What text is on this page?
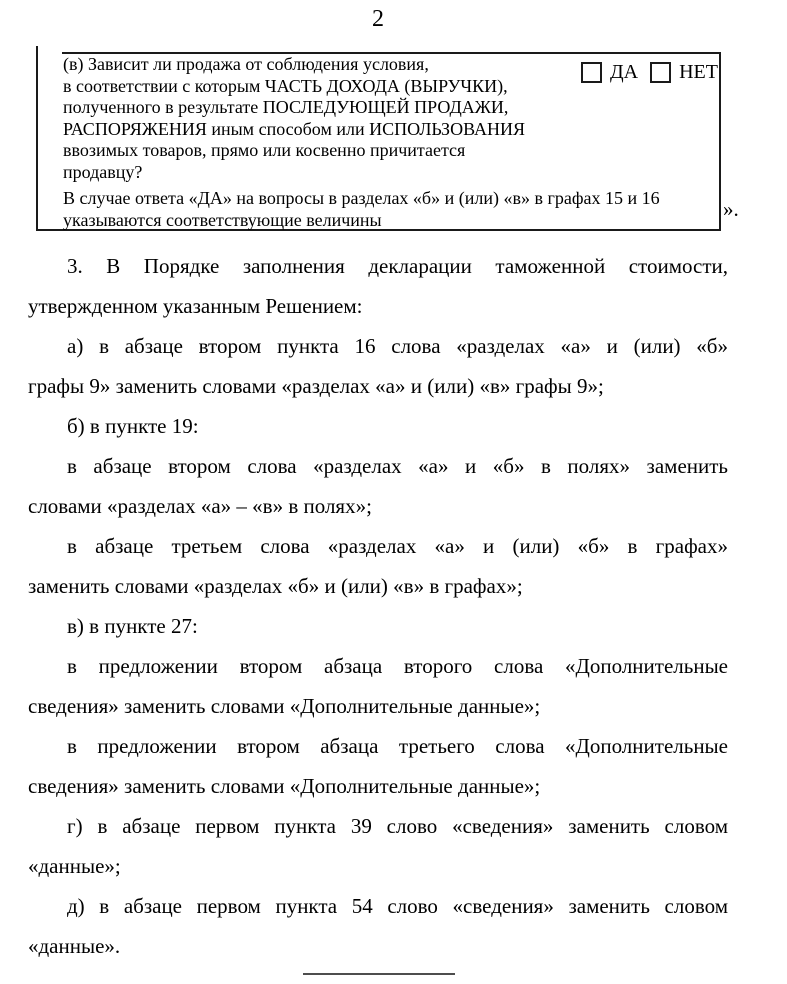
2
(в) Зависит ли продажа от соблюдения условия,
в соответствии с которым ЧАСТЬ ДОХОДА (ВЫРУЧКИ),
полученного в результате ПОСЛЕДУЮЩЕЙ ПРОДАЖИ,
РАСПОРЯЖЕНИЯ иным способом или ИСПОЛЬЗОВАНИЯ
ввозимых товаров, прямо или косвенно причитается
продавцу?
ДА НЕТ
В случае ответа «ДА» на вопросы в разделах «б» и (или) «в» в графах 15 и 16
указываются соответствующие величины	».
3. В Порядке заполнения декларации таможенной стоимости,
утвержденном указанным Решением:
а) в абзаце втором пункта 16 слова «разделах «а» и (или) «б»
графы 9» заменить словами «разделах «а» и (или) «в» графы 9»;
б) в пункте 19:
в абзаце втором слова «разделах «а» и «б» в полях» заменить
словами «разделах «а» – «в» в полях»;
в абзаце третьем слова «разделах «а» и (или) «б» в графах»
заменить словами «разделах «б» и (или) «в» в графах»;
в) в пункте 27:
в предложении втором абзаца второго слова «Дополнительные
сведения» заменить словами «Дополнительные данные»;
в предложении втором абзаца третьего слова «Дополнительные
сведения» заменить словами «Дополнительные данные»;
г) в абзаце первом пункта 39 слово «сведения» заменить словом
«данные»;
д) в абзаце первом пункта 54 слово «сведения» заменить словом
«данные».
